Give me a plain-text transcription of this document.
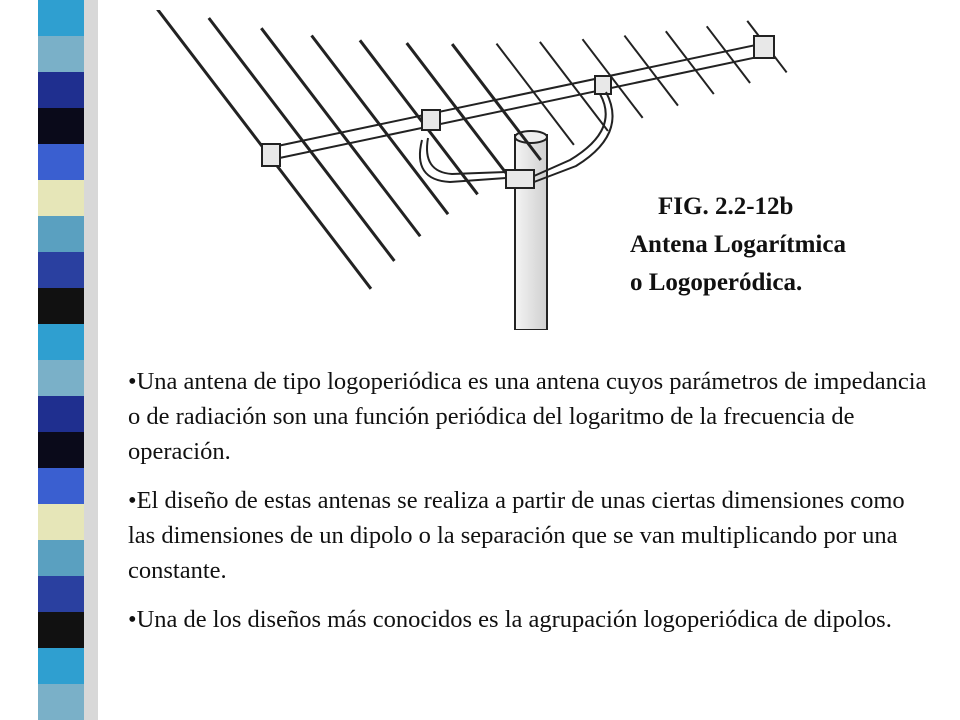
FIG. 2.2-12b
Antena Logarítmica
o Logoperódica.
•Una antena de tipo logoperiódica es una antena cuyos parámetros de impedancia o de radiación son una función periódica del logaritmo de la frecuencia de operación.
•El diseño de estas antenas se realiza a partir de unas ciertas dimensiones como las dimensiones de un dipolo o la separación que se van multiplicando por una constante.
•Una de los diseños más conocidos es la agrupación logoperiódica de dipolos.
